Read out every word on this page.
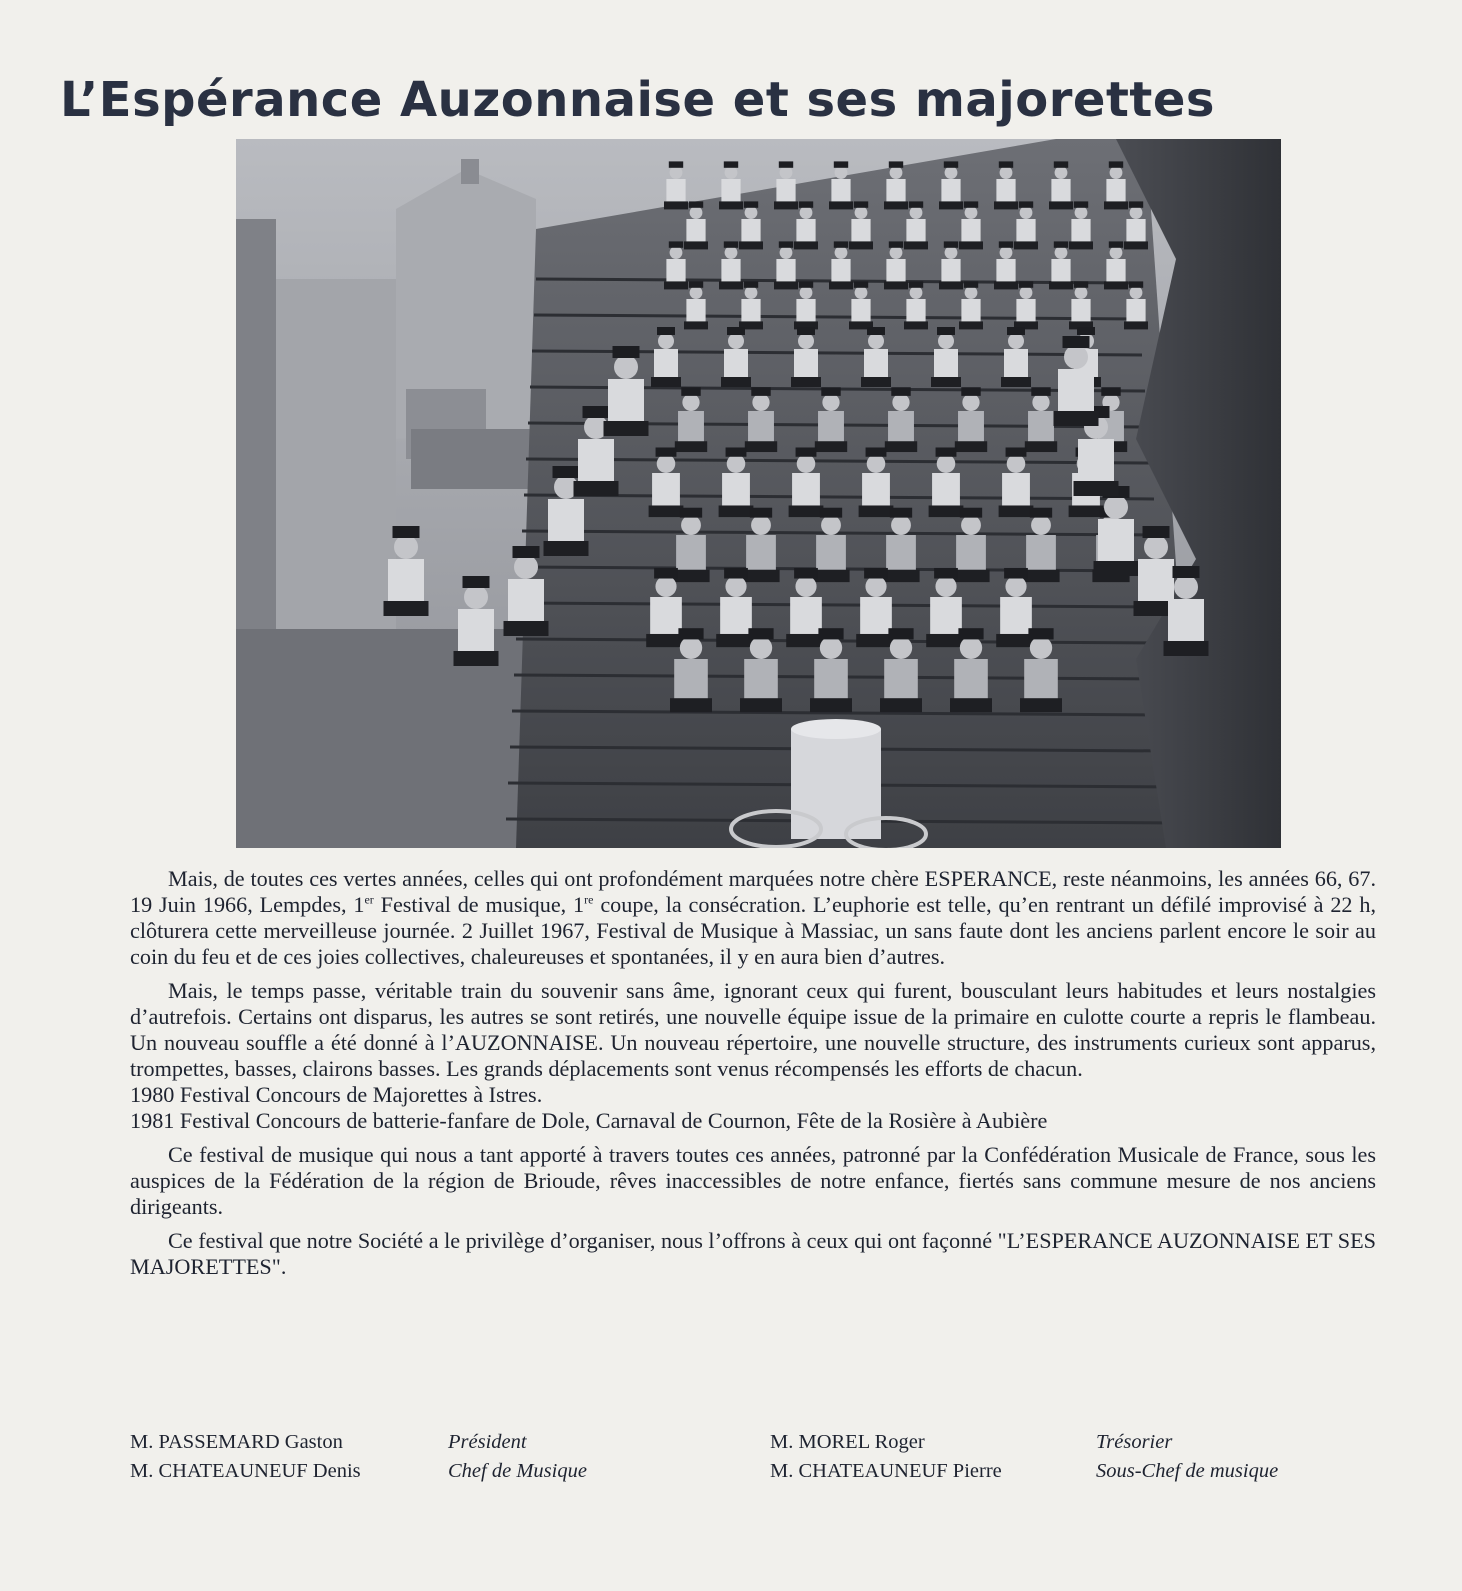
L’Espérance Auzonnaise et ses majorettes

Mais, de toutes ces vertes années, celles qui ont profondément marquées notre chère ESPERANCE, reste néanmoins, les années 66, 67. 19 Juin 1966, Lempdes, 1er Festival de musique, 1re coupe, la consécration. L’euphorie est telle, qu’en rentrant un défilé improvisé à 22 h, clôturera cette merveilleuse journée. 2 Juillet 1967, Festival de Musique à Massiac, un sans faute dont les anciens parlent encore le soir au coin du feu et de ces joies collectives, chaleureuses et spontanées, il y en aura bien d’autres.

Mais, le temps passe, véritable train du souvenir sans âme, ignorant ceux qui furent, bousculant leurs habitudes et leurs nostalgies d’autrefois. Certains ont disparus, les autres se sont retirés, une nouvelle équipe issue de la primaire en culotte courte a repris le flambeau. Un nouveau souffle a été donné à l’AUZONNAISE. Un nouveau répertoire, une nouvelle structure, des instruments curieux sont apparus, trompettes, basses, clairons basses. Les grands déplacements sont venus récompensés les efforts de chacun.

1980 Festival Concours de Majorettes à Istres.

1981 Festival Concours de batterie-fanfare de Dole, Carnaval de Cournon, Fête de la Rosière à Aubière

Ce festival de musique qui nous a tant apporté à travers toutes ces années, patronné par la Confédération Musicale de France, sous les auspices de la Fédération de la région de Brioude, rêves inaccessibles de notre enfance, fiertés sans commune mesure de nos anciens dirigeants.

Ce festival que notre Société a le privilège d’organiser, nous l’offrons à ceux qui ont façonné "L’ESPERANCE AUZONNAISE ET SES MAJORETTES".

M. PASSEMARD Gaston	Président	M. MOREL Roger	Trésorier
M. CHATEAUNEUF Denis	Chef de Musique	M. CHATEAUNEUF Pierre	Sous-Chef de musique
